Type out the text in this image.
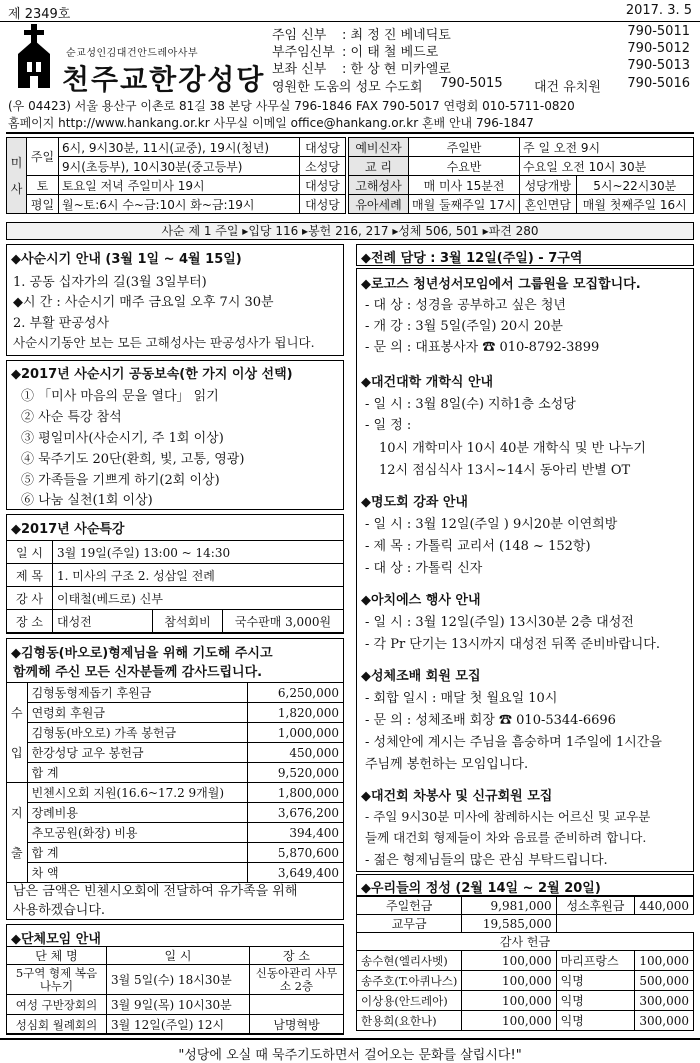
제 2349호	2017. 3. 5
순교성인김대건안드레아사부
천주교한강성당
주임 신부 : 최 정 진 베네딕토	790-5011
부주임신부 : 이 태 철 베드로	790-5012
보좌 신부 : 한 상 현 미카엘로	790-5013
영원한 도움의 성모 수도회 790-5015 대건 유치원 790-5016
(우 04423) 서울 용산구 이촌로 81길 38 본당 사무실 796-1846 FAX 790-5017 연령회 010-5711-0820
홈페이지 http://www.hankang.or.kr 사무실 이메일 office@hankang.or.kr 혼배 안내 796-1847
미사	주일	6시, 9시30분, 11시(교중), 19시(청년)	대성당
		9시(초등부), 10시30분(중고등부)	소성당
	토	토요일 저녁 주일미사 19시	대성당
	평일	월~토:6시 수~금:10시 화~금:19시	대성당
예비신자	주일반	주 일 오전 9시	
교 리	수요반	수요일 오전 10시 30분	
고해성사	매 미사 15분전	성당개방	5시~22시30분
유아세례	매월 둘째주일 17시	혼인면담	매월 첫째주일 16시
사순 제 1 주일 ▸입당 116 ▸봉헌 216, 217 ▸성체 506, 501 ▸파견 280
◆사순시기 안내 (3월 1일 ~ 4월 15일)
1. 공동 십자가의 길(3월 3일부터)
◆시 간 : 사순시기 매주 금요일 오후 7시 30분
2. 부활 판공성사
사순시기동안 보는 모든 고해성사는 판공성사가 됩니다.
◆2017년 사순시기 공동보속(한 가지 이상 선택)
① 「미사 마음의 문을 열다」 읽기
② 사순 특강 참석
③ 평일미사(사순시기, 주 1회 이상)
④ 묵주기도 20단(환희, 빛, 고통, 영광)
⑤ 가족들을 기쁘게 하기(2회 이상)
⑥ 나눔 실천(1회 이상)
◆2017년 사순특강
일 시	3월 19일(주일) 13:00 ~ 14:30		
제 목	1. 미사의 구조 2. 성삼일 전례		
강 사	이태철(베드로) 신부		
장 소	대성전	참석회비	국수판매 3,000원
◆김형동(바오로)형제님을 위해 기도해 주시고
함께해 주신 모든 신자분들께 감사드립니다.
남은 금액은 빈첸시오회에 전달하여 유가족을 위해
사용하겠습니다.
수입	김형동형제돕기 후원금	6,250,000
	연령회 후원금	1,820,000
	김형동(바오로) 가족 봉헌금	1,000,000
	한강성당 교우 봉헌금	450,000
	합 계	9,520,000
지출	빈첸시오회 지원(16.6~17.2 9개월)	1,800,000
	장례비용	3,676,200
	추모공원(화장) 비용	394,400
	합 계	5,870,600
	차 액	3,649,400
◆단체모임 안내
단 체 명	일 시	장 소
5구역 형제 복음나누기	3월 5일(수) 18시30분	신동아관리 사무소 2층
여성 구반장회의	3월 9일(목) 10시30분	
성심회 월례회의	3월 12일(주일) 12시	남명혁방
◆전례 담당 : 3월 12일(주일) - 7구역
◆로고스 청년성서모임에서 그룹원을 모집합니다.
- 대 상 : 성경을 공부하고 싶은 청년
- 개 강 : 3월 5일(주일) 20시 20분
- 문 의 : 대표봉사자 ☎ 010-8792-3899
◆대건대학 개학식 안내
- 일 시 : 3월 8일(수) 지하1층 소성당
- 일 정 :
10시 개학미사 10시 40분 개학식 및 반 나누기
12시 점심식사 13시~14시 동아리 반별 OT
◆명도회 강좌 안내
- 일 시 : 3월 12일(주일 ) 9시20분 이연희방
- 제 목 : 가톨릭 교리서 (148 ~ 152항)
- 대 상 : 가톨릭 신자
◆아치에스 행사 안내
- 일 시 : 3월 12일(주일) 13시30분 2층 대성전
- 각 Pr 단기는 13시까지 대성전 뒤쪽 준비바랍니다.
◆성체조배 회원 모집
- 회합 일시 : 매달 첫 월요일 10시
- 문 의 : 성체조배 회장 ☎ 010-5344-6696
- 성체안에 계시는 주님을 흠숭하며 1주일에 1시간을
주님께 봉헌하는 모임입니다.
◆대건회 차봉사 및 신규회원 모집
- 주일 9시30분 미사에 참례하시는 어르신 및 교우분
들께 대건회 형제들이 차와 음료를 준비하려 합니다.
- 젊은 형제님들의 많은 관심 부탁드립니다.
◆우리들의 정성 (2월 14일 ~ 2월 20일)
주일헌금	9,981,000	성소후원금	440,000
교무금	19,585,000		
감사 헌금			
송수현(엘리사벳)	100,000	마리프랑스	100,000
송주호(T.아퀴나스)	100,000	익명	500,000
이상용(안드레아)	100,000	익명	300,000
한용희(요한나)	100,000	익명	300,000
"성당에 오실 때 묵주기도하면서 걸어오는 문화를 살립시다!"
